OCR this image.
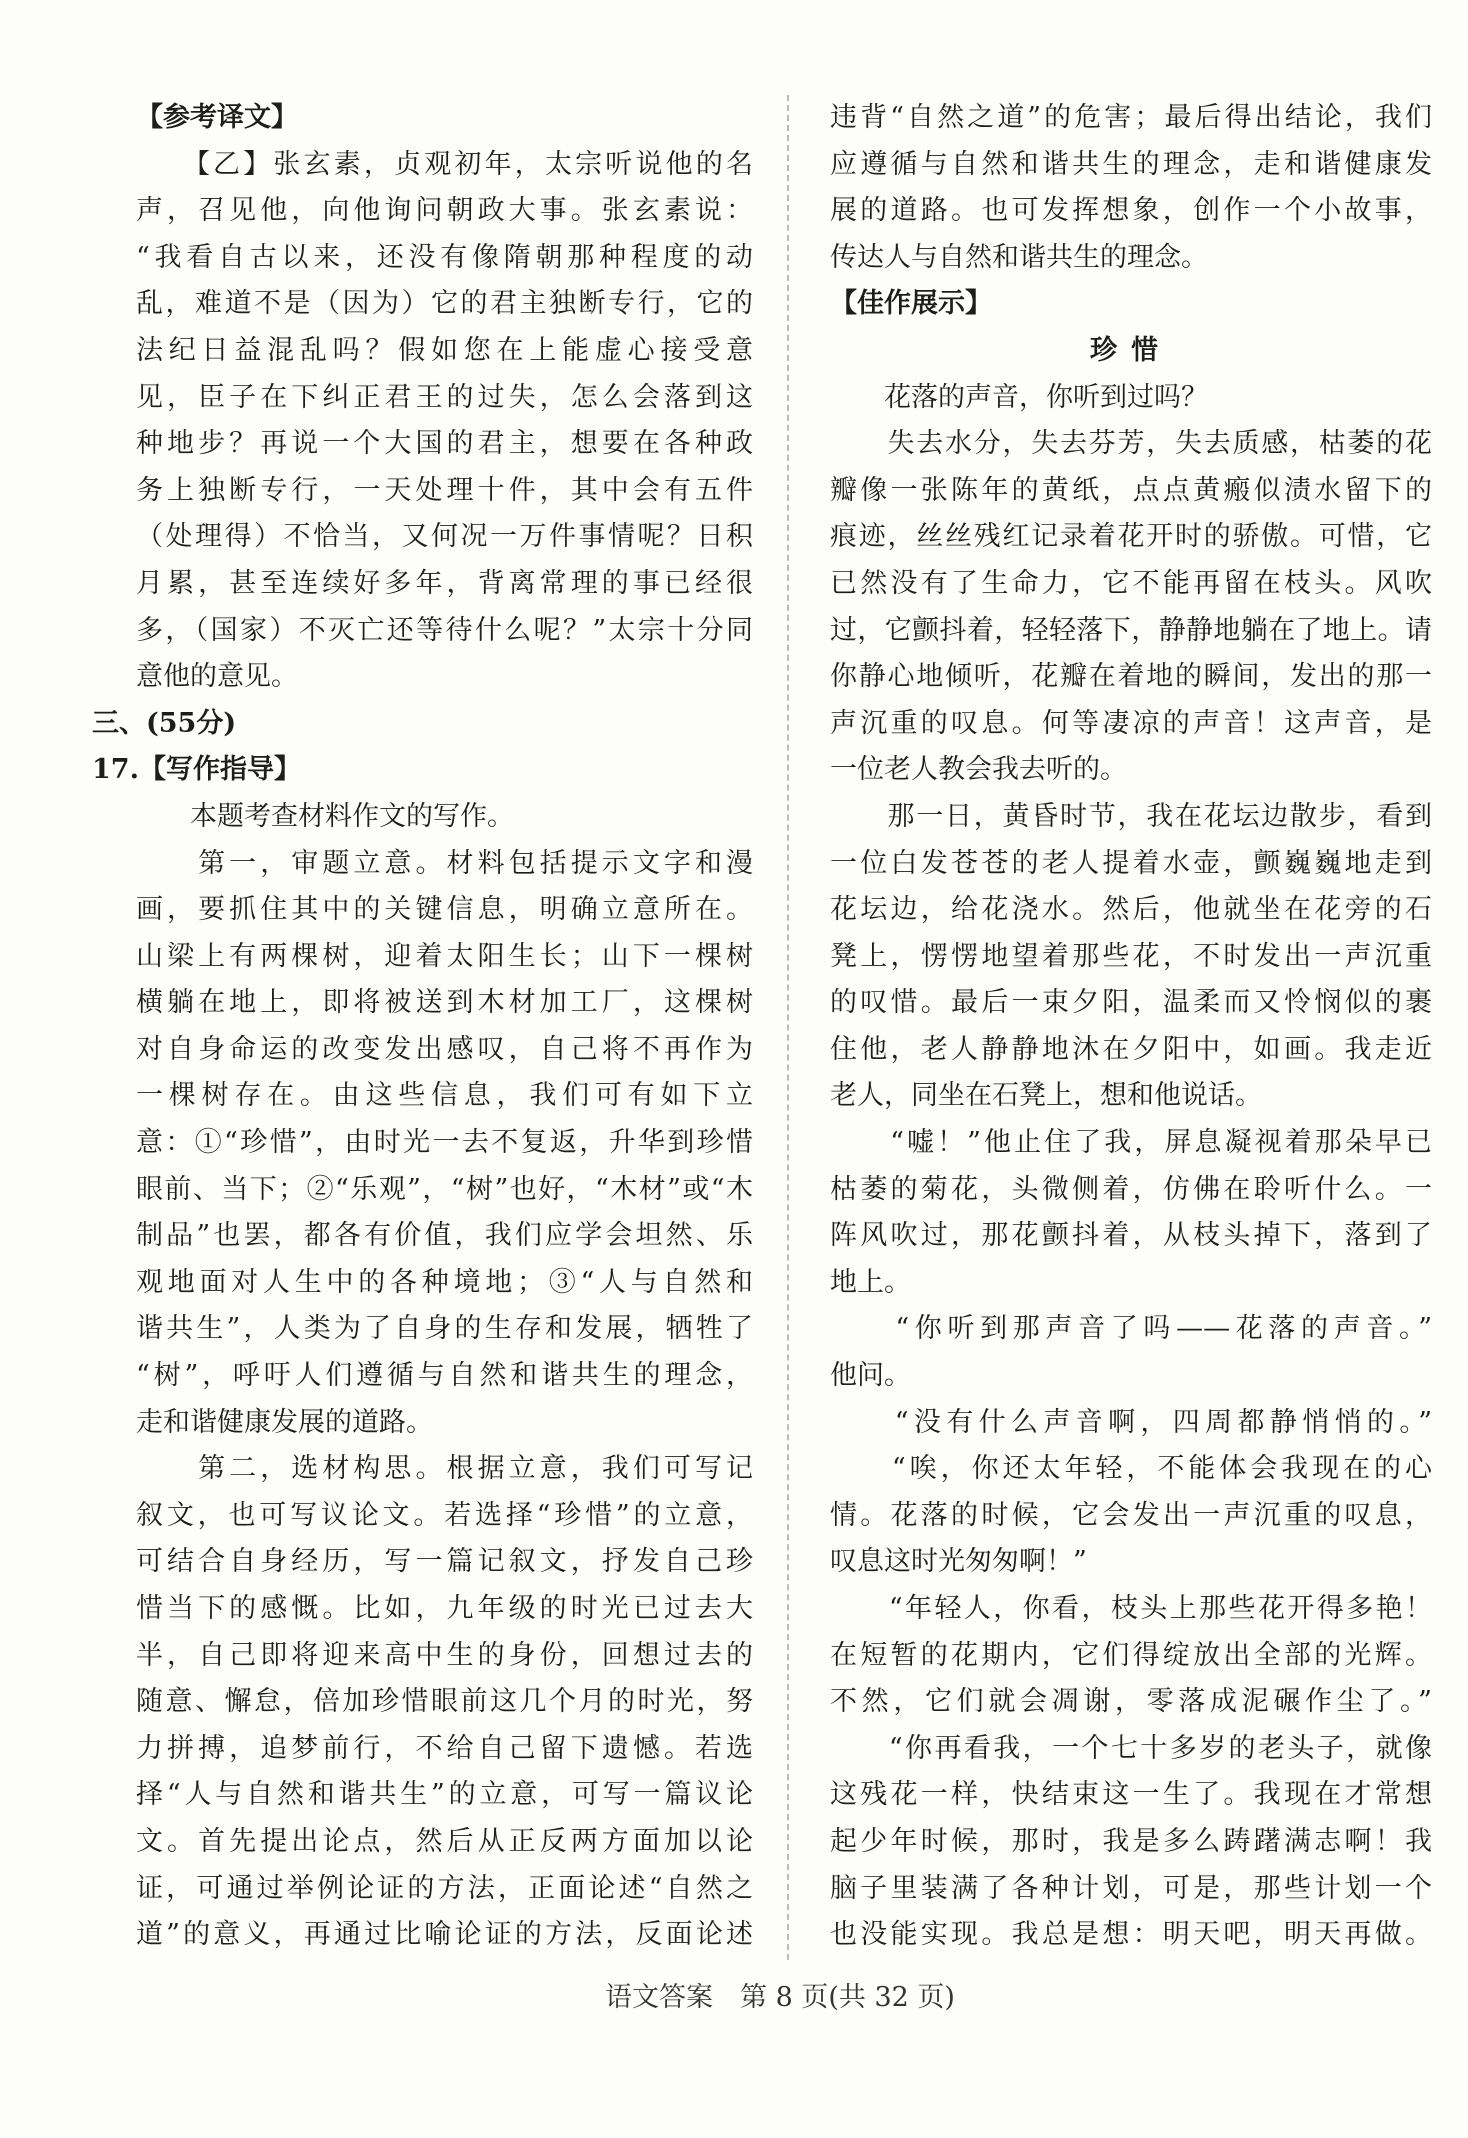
【参考译文】
　　【乙】张玄素，贞观初年，太宗听说他的名
声，召见他，向他询问朝政大事。张玄素说：
“我看自古以来，还没有像隋朝那种程度的动
乱，难道不是（因为）它的君主独断专行，它的
法纪日益混乱吗？假如您在上能虚心接受意
见，臣子在下纠正君王的过失，怎么会落到这
种地步？再说一个大国的君主，想要在各种政
务上独断专行，一天处理十件，其中会有五件
（处理得）不恰当，又何况一万件事情呢？日积
月累，甚至连续好多年，背离常理的事已经很
多，（国家）不灭亡还等待什么呢？”太宗十分同
意他的意见。
三、(55分)
17.【写作指导】
　　本题考查材料作文的写作。
　　第一，审题立意。材料包括提示文字和漫
画，要抓住其中的关键信息，明确立意所在。
山梁上有两棵树，迎着太阳生长；山下一棵树
横躺在地上，即将被送到木材加工厂，这棵树
对自身命运的改变发出感叹，自己将不再作为
一棵树存在。由这些信息，我们可有如下立
意：①“珍惜”，由时光一去不复返，升华到珍惜
眼前、当下；②“乐观”，“树”也好，“木材”或“木
制品”也罢，都各有价值，我们应学会坦然、乐
观地面对人生中的各种境地；③“人与自然和
谐共生”，人类为了自身的生存和发展，牺牲了
“树”，呼吁人们遵循与自然和谐共生的理念，
走和谐健康发展的道路。
　　第二，选材构思。根据立意，我们可写记
叙文，也可写议论文。若选择“珍惜”的立意，
可结合自身经历，写一篇记叙文，抒发自己珍
惜当下的感慨。比如，九年级的时光已过去大
半，自己即将迎来高中生的身份，回想过去的
随意、懈怠，倍加珍惜眼前这几个月的时光，努
力拼搏，追梦前行，不给自己留下遗憾。若选
择“人与自然和谐共生”的立意，可写一篇议论
文。首先提出论点，然后从正反两方面加以论
证，可通过举例论证的方法，正面论述“自然之
道”的意义，再通过比喻论证的方法，反面论述
违背“自然之道”的危害；最后得出结论，我们
应遵循与自然和谐共生的理念，走和谐健康发
展的道路。也可发挥想象，创作一个小故事，
传达人与自然和谐共生的理念。
【佳作展示】
珍惜
　　花落的声音，你听到过吗？
　　失去水分，失去芬芳，失去质感，枯萎的花
瓣像一张陈年的黄纸，点点黄瘢似渍水留下的
痕迹，丝丝残红记录着花开时的骄傲。可惜，它
已然没有了生命力，它不能再留在枝头。风吹
过，它颤抖着，轻轻落下，静静地躺在了地上。请
你静心地倾听，花瓣在着地的瞬间，发出的那一
声沉重的叹息。何等凄凉的声音！这声音，是
一位老人教会我去听的。
　　那一日，黄昏时节，我在花坛边散步，看到
一位白发苍苍的老人提着水壶，颤巍巍地走到
花坛边，给花浇水。然后，他就坐在花旁的石
凳上，愣愣地望着那些花，不时发出一声沉重
的叹惜。最后一束夕阳，温柔而又怜悯似的裹
住他，老人静静地沐在夕阳中，如画。我走近
老人，同坐在石凳上，想和他说话。
　　“嘘！”他止住了我，屏息凝视着那朵早已
枯萎的菊花，头微侧着，仿佛在聆听什么。一
阵风吹过，那花颤抖着，从枝头掉下，落到了
地上。
　　“你听到那声音了吗——花落的声音。”
他问。
　　“没有什么声音啊，四周都静悄悄的。”
　　“唉，你还太年轻，不能体会我现在的心
情。花落的时候，它会发出一声沉重的叹息，
叹息这时光匆匆啊！”
　　“年轻人，你看，枝头上那些花开得多艳！
在短暂的花期内，它们得绽放出全部的光辉。
不然，它们就会凋谢，零落成泥碾作尘了。”
　　“你再看我，一个七十多岁的老头子，就像
这残花一样，快结束这一生了。我现在才常想
起少年时候，那时，我是多么踌躇满志啊！我
脑子里装满了各种计划，可是，那些计划一个
也没能实现。我总是想：明天吧，明天再做。
语文答案　第 8 页(共 32 页)
